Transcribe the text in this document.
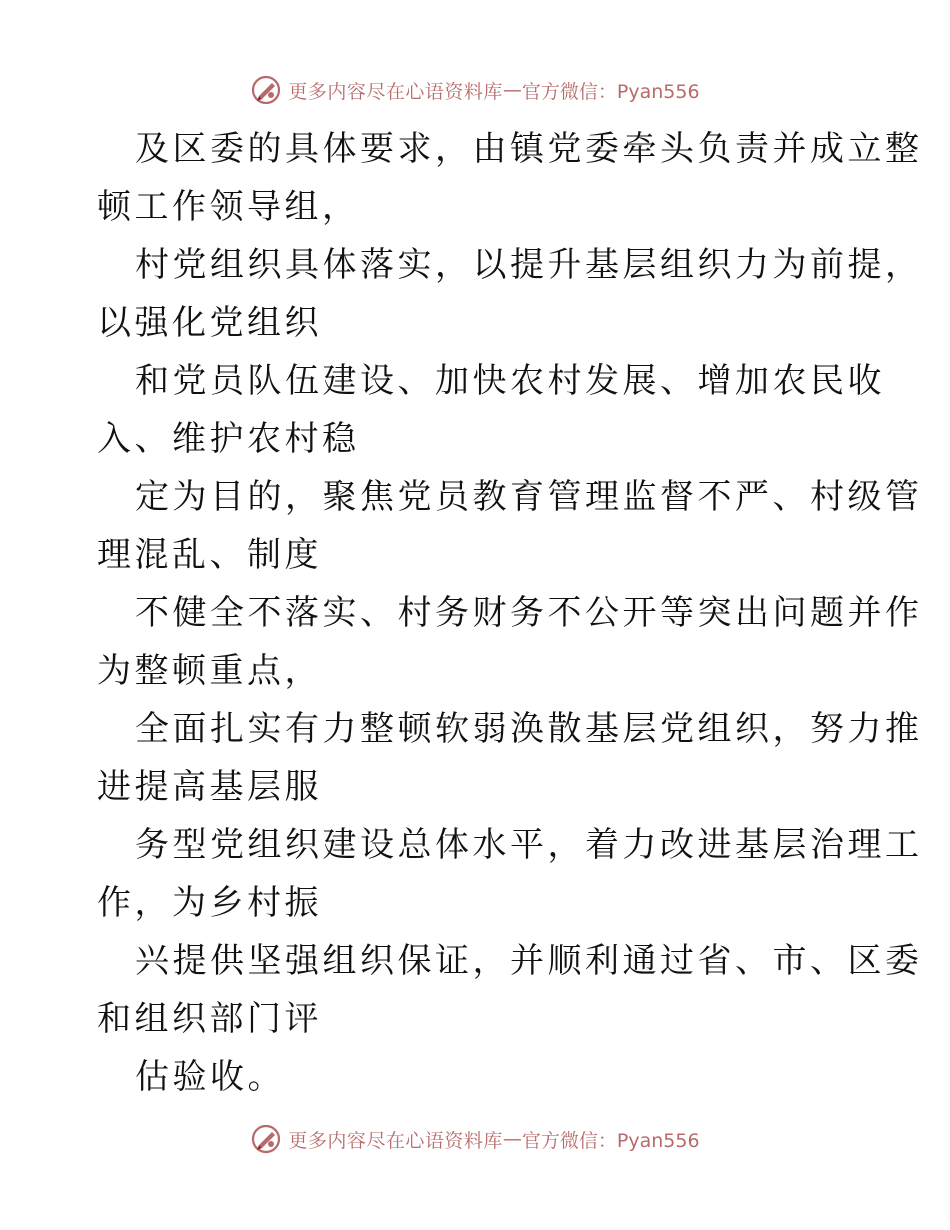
更多内容尽在心语资料库 — 官方微信：Pyan556

及区委的具体要求，由镇党委牵头负责并成立整

顿工作领导组，

村党组织具体落实，以提升基层组织力为前提，

以强化党组织

和党员队伍建设、加快农村发展、增加农民收

入、维护农村稳

定为目的，聚焦党员教育管理监督不严、村级管

理混乱、制度

不健全不落实、村务财务不公开等突出问题并作

为整顿重点，

全面扎实有力整顿软弱涣散基层党组织，努力推

进提高基层服

务型党组织建设总体水平，着力改进基层治理工

作，为乡村振

兴提供坚强组织保证，并顺利通过省、市、区委

和组织部门评

估验收。

更多内容尽在心语资料库 — 官方微信：Pyan556
